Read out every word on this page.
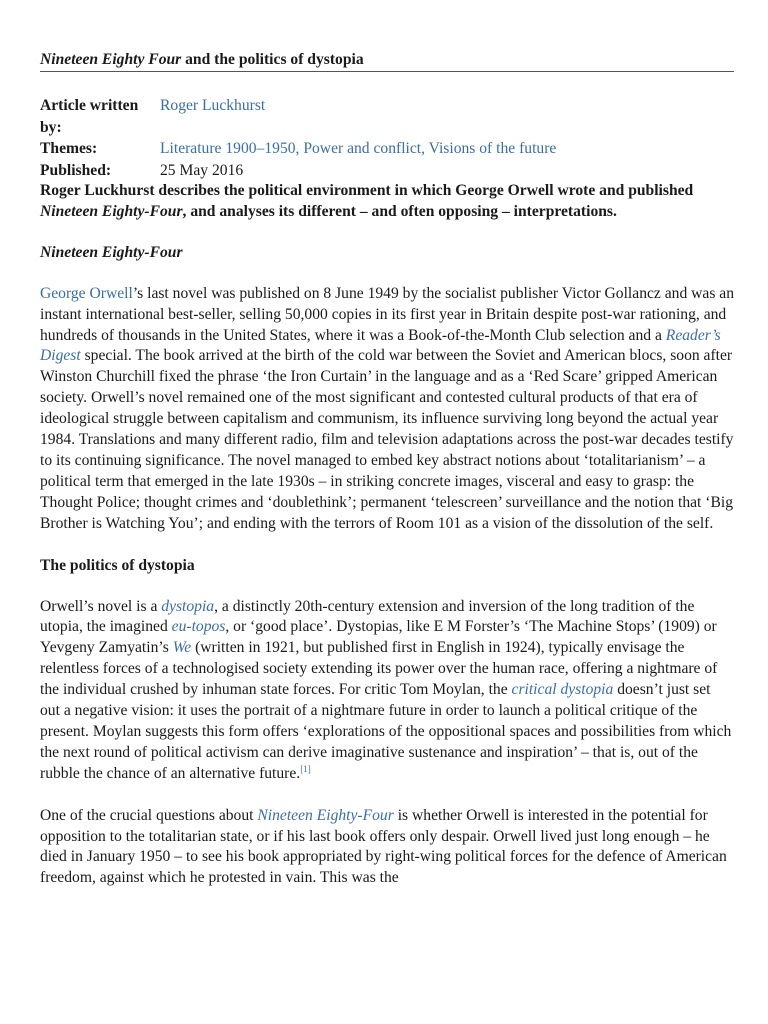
Nineteen Eighty Four and the politics of dystopia
Article written by:	Roger Luckhurst
Themes:	Literature 1900–1950, Power and conflict, Visions of the future
Published:	25 May 2016

Roger Luckhurst describes the political environment in which George Orwell wrote and published Nineteen Eighty-Four, and analyses its different – and often opposing – interpretations.

Nineteen Eighty-Four

George Orwell’s last novel was published on 8 June 1949 by the socialist publisher Victor Gollancz and was an instant international best-seller, selling 50,000 copies in its first year in Britain despite post-war rationing, and hundreds of thousands in the United States, where it was a Book-of-the-Month Club selection and a Reader’s Digest special. The book arrived at the birth of the cold war between the Soviet and American blocs, soon after Winston Churchill fixed the phrase ‘the Iron Curtain’ in the language and as a ‘Red Scare’ gripped American society. Orwell’s novel remained one of the most significant and contested cultural products of that era of ideological struggle between capitalism and communism, its influence surviving long beyond the actual year 1984. Translations and many different radio, film and television adaptations across the post-war decades testify to its continuing significance. The novel managed to embed key abstract notions about ‘totalitarianism’ – a political term that emerged in the late 1930s – in striking concrete images, visceral and easy to grasp: the Thought Police; thought crimes and ‘doublethink’; permanent ‘telescreen’ surveillance and the notion that ‘Big Brother is Watching You’; and ending with the terrors of Room 101 as a vision of the dissolution of the self.

The politics of dystopia

Orwell’s novel is a dystopia, a distinctly 20th-century extension and inversion of the long tradition of the utopia, the imagined eu-topos, or ‘good place’. Dystopias, like E M Forster’s ‘The Machine Stops’ (1909) or Yevgeny Zamyatin’s We (written in 1921, but published first in English in 1924), typically envisage the relentless forces of a technologised society extending its power over the human race, offering a nightmare of the individual crushed by inhuman state forces. For critic Tom Moylan, the critical dystopia doesn’t just set out a negative vision: it uses the portrait of a nightmare future in order to launch a political critique of the present. Moylan suggests this form offers ‘explorations of the oppositional spaces and possibilities from which the next round of political activism can derive imaginative sustenance and inspiration’ – that is, out of the rubble the chance of an alternative future.[1]

One of the crucial questions about Nineteen Eighty-Four is whether Orwell is interested in the potential for opposition to the totalitarian state, or if his last book offers only despair. Orwell lived just long enough – he died in January 1950 – to see his book appropriated by right-wing political forces for the defence of American freedom, against which he protested in vain. This was the
